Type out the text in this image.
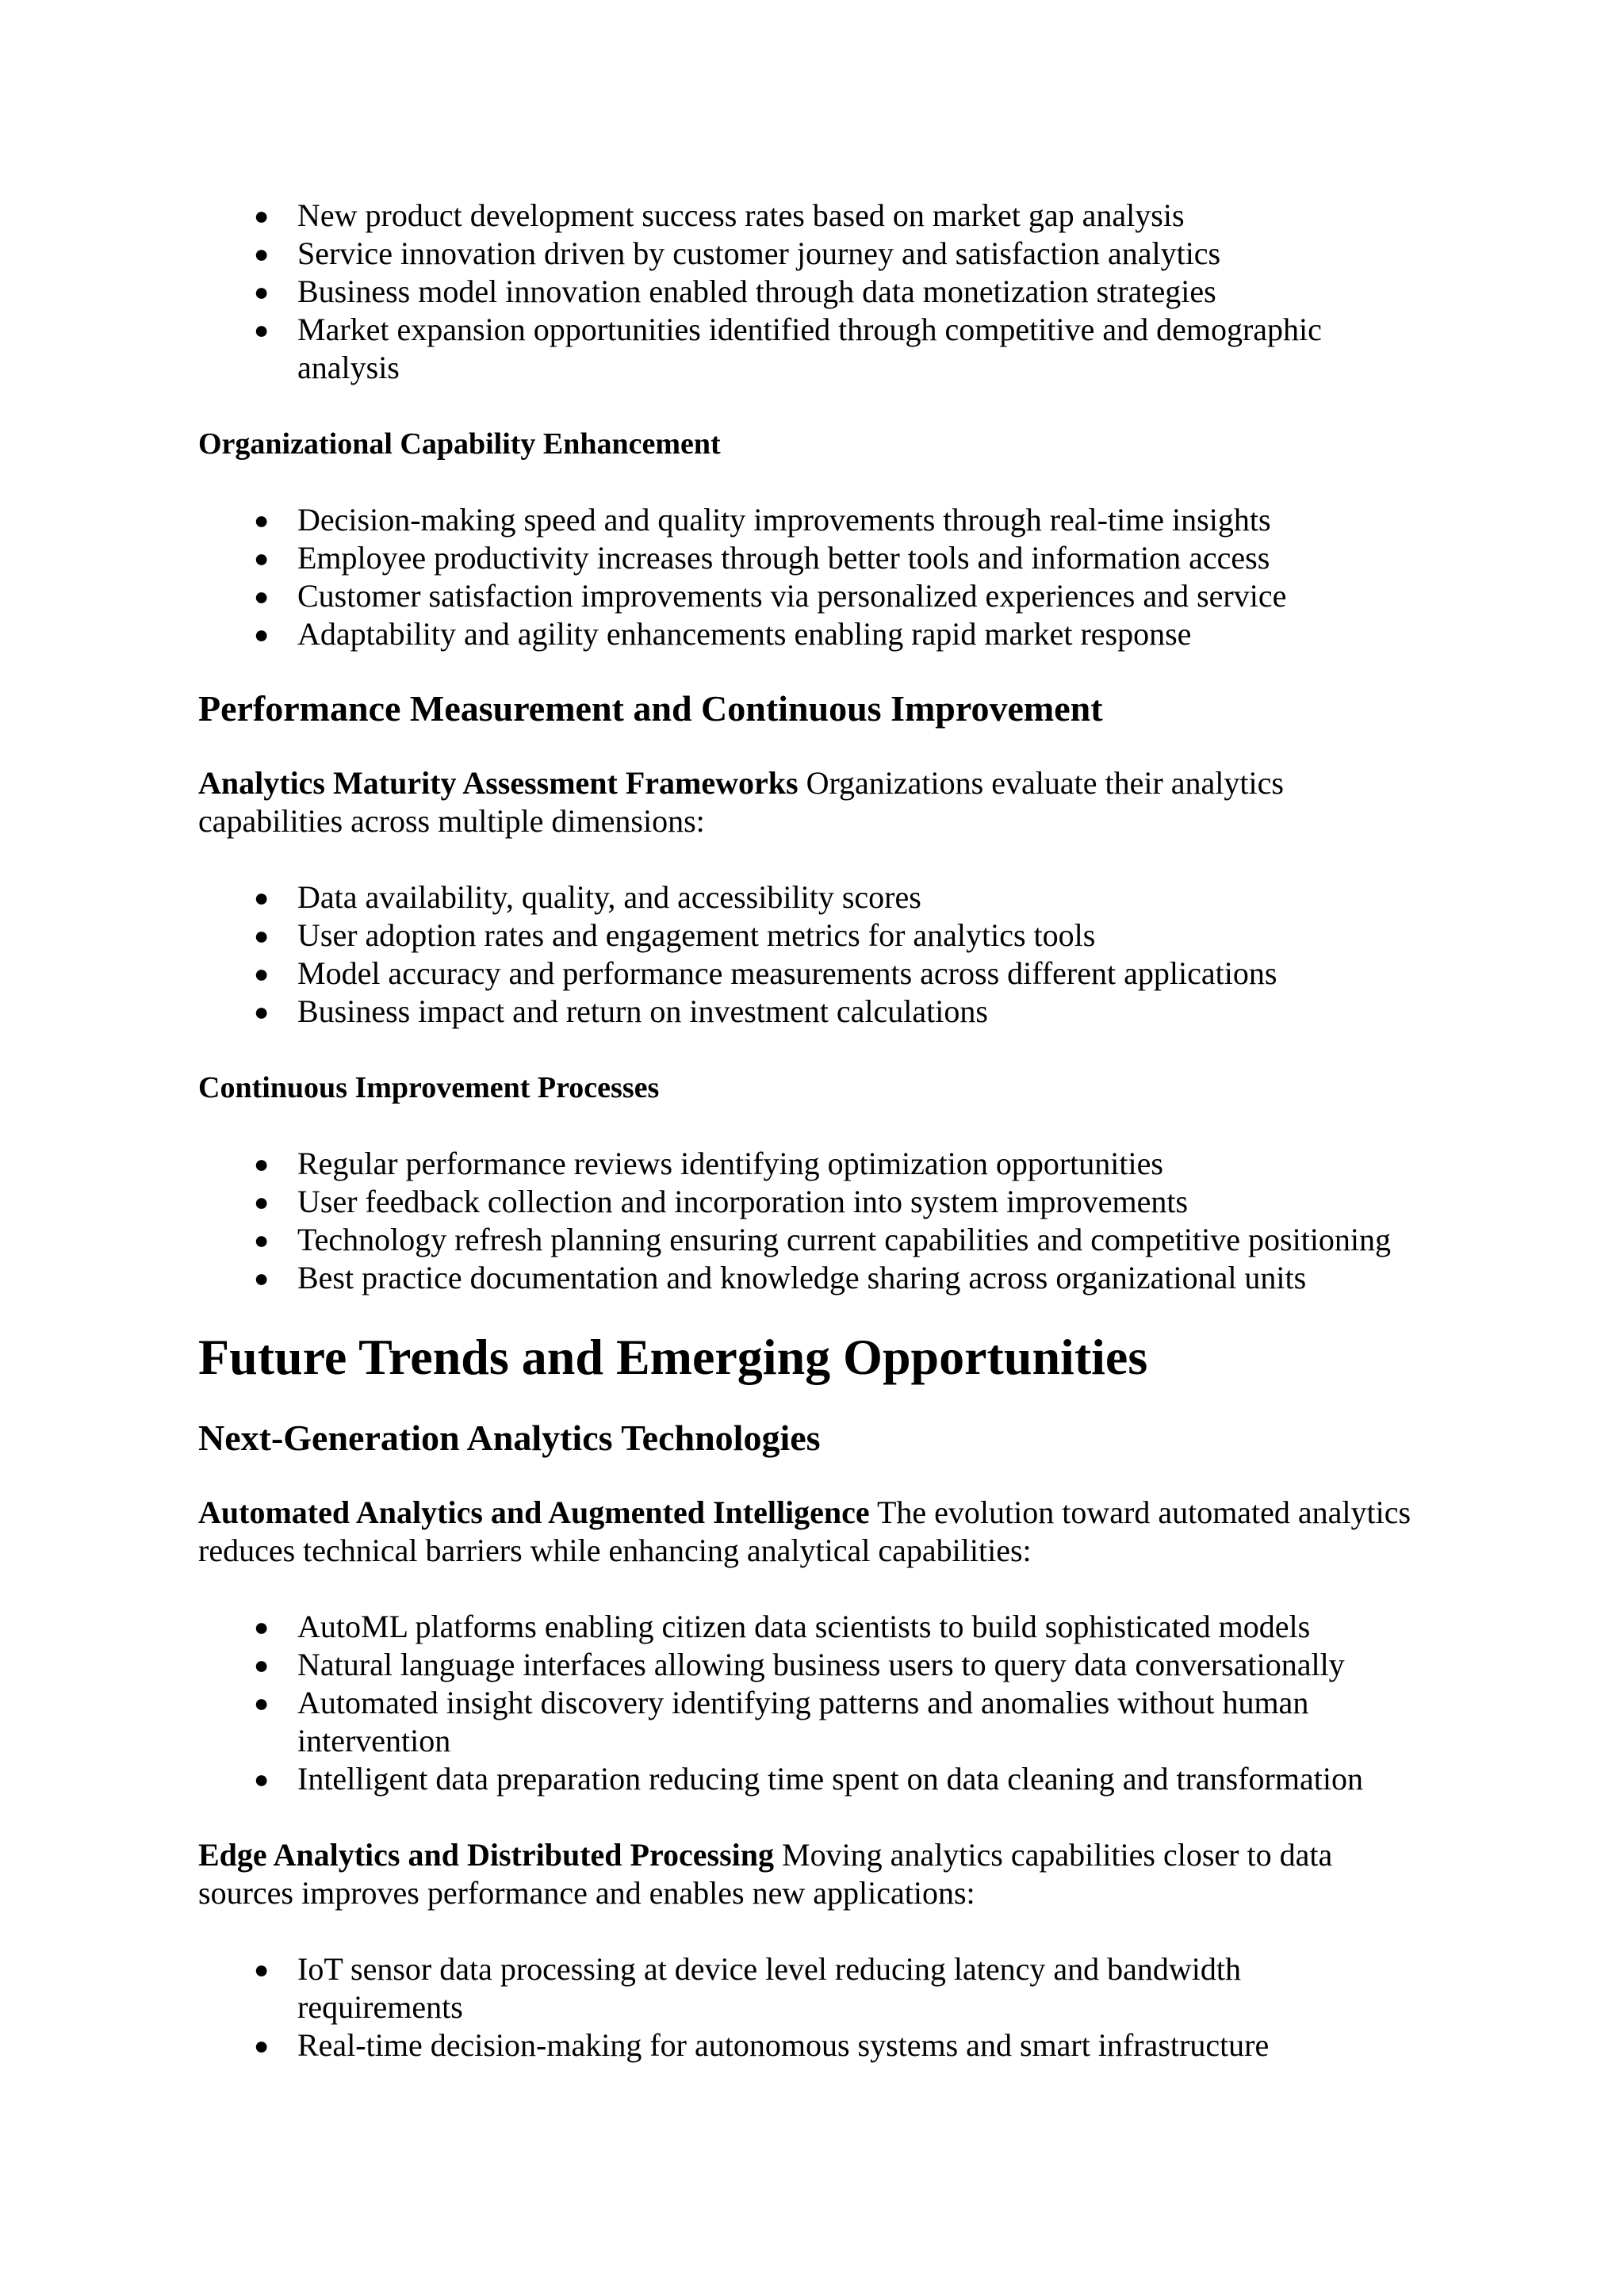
● New product development success rates based on market gap analysis
● Service innovation driven by customer journey and satisfaction analytics
● Business model innovation enabled through data monetization strategies
● Market expansion opportunities identified through competitive and demographic analysis

Organizational Capability Enhancement

● Decision-making speed and quality improvements through real-time insights
● Employee productivity increases through better tools and information access
● Customer satisfaction improvements via personalized experiences and service
● Adaptability and agility enhancements enabling rapid market response
Performance Measurement and Continuous Improvement

Analytics Maturity Assessment Frameworks Organizations evaluate their analytics capabilities across multiple dimensions:

● Data availability, quality, and accessibility scores
● User adoption rates and engagement metrics for analytics tools
● Model accuracy and performance measurements across different applications
● Business impact and return on investment calculations

Continuous Improvement Processes

● Regular performance reviews identifying optimization opportunities
● User feedback collection and incorporation into system improvements
● Technology refresh planning ensuring current capabilities and competitive positioning
● Best practice documentation and knowledge sharing across organizational units
Future Trends and Emerging Opportunities
Next-Generation Analytics Technologies

Automated Analytics and Augmented Intelligence The evolution toward automated analytics reduces technical barriers while enhancing analytical capabilities:

● AutoML platforms enabling citizen data scientists to build sophisticated models
● Natural language interfaces allowing business users to query data conversationally
● Automated insight discovery identifying patterns and anomalies without human intervention
● Intelligent data preparation reducing time spent on data cleaning and transformation

Edge Analytics and Distributed Processing Moving analytics capabilities closer to data sources improves performance and enables new applications:

● IoT sensor data processing at device level reducing latency and bandwidth requirements
● Real-time decision-making for autonomous systems and smart infrastructure
